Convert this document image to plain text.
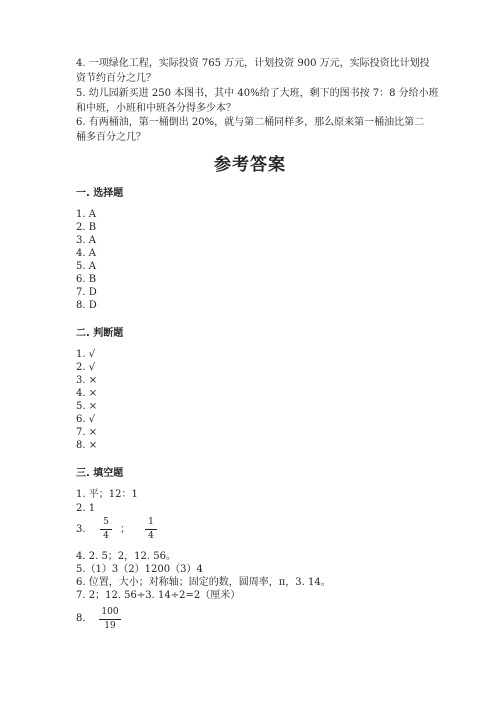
4. 一项绿化工程，实际投资 765 万元，计划投资 900 万元，实际投资比计划投
资节约百分之几？
5. 幼儿园新买进 250 本图书，其中 40%给了大班，剩下的图书按 7：8 分给小班
和中班，小班和中班各分得多少本？
6. 有两桶油，第一桶倒出 20%，就与第二桶同样多，那么原来第一桶油比第二
桶多百分之几？
参考答案
一. 选择题
1. A
2. B
3. A
4. A
5. A
6. B
7. D
8. D
二. 判断题
1. √
2. √
3. ×
4. ×
5. ×
6. √
7. ×
8. ×
三. 填空题
1. 平；12：1
2. 1
3.
5
4
；
1
4
4. 2. 5；2，12. 56。
5.（1）3（2）1200（3）4
6. 位置，大小；对称轴；固定的数，圆周率，π，3. 14。
7. 2；12. 56÷3. 14÷2=2（厘米）
8.
100
19
